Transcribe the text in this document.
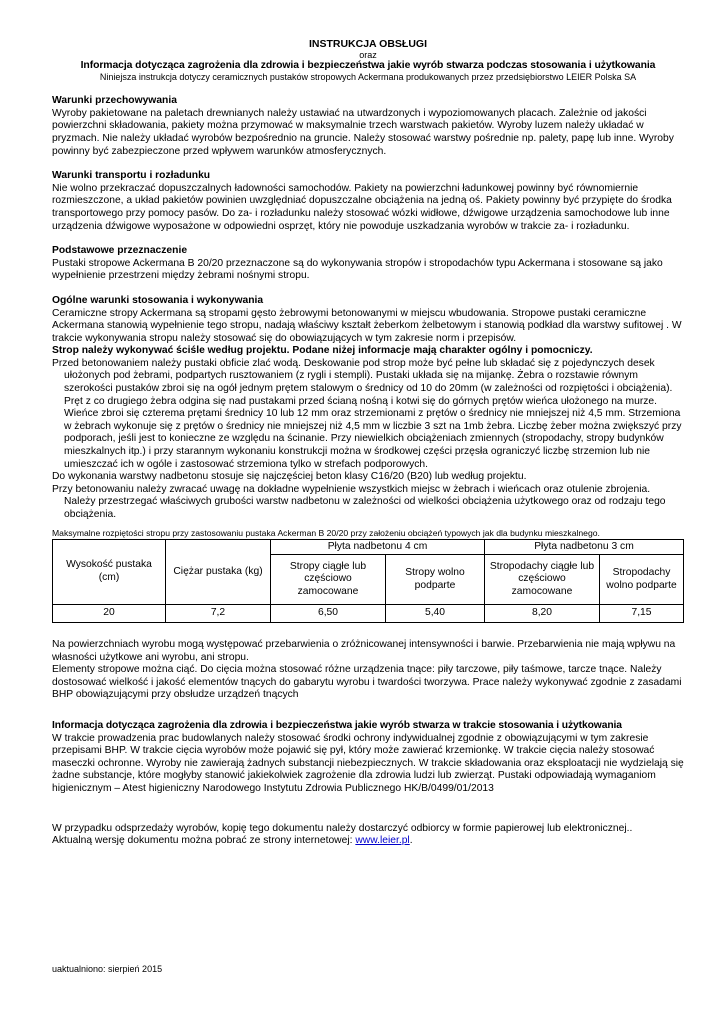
INSTRUKCJA OBSŁUGI
oraz
Informacja dotycząca zagrożenia dla zdrowia i bezpieczeństwa jakie wyrób stwarza podczas stosowania i użytkowania
Niniejsza instrukcja dotyczy ceramicznych pustaków stropowych Ackermana produkowanych przez przedsiębiorstwo LEIER Polska SA
Warunki przechowywania

Wyroby pakietowane na paletach drewnianych należy ustawiać na utwardzonych i wypoziomowanych placach. Zależnie od jakości powierzchni składowania, pakiety można przymować w maksymalnie trzech warstwach pakietów. Wyroby luzem należy układać w pryzmach. Nie należy układać wyrobów bezpośrednio na gruncie. Należy stosować warstwy pośrednie np. palety, papę lub inne. Wyroby powinny być zabezpieczone przed wpływem warunków atmosferycznych.

Warunki transportu i rozładunku

Nie wolno przekraczać dopuszczalnych ładowności samochodów. Pakiety na powierzchni ładunkowej powinny być równomiernie rozmieszczone, a układ pakietów powinien uwzględniać dopuszczalne obciążenia na jedną oś. Pakiety powinny być przypięte do środka transportowego przy pomocy pasów. Do za- i rozładunku należy stosować wózki widłowe, dźwigowe urządzenia samochodowe lub inne urządzenia dźwigowe wyposażone w odpowiedni osprzęt, który nie powoduje uszkadzania wyrobów w trakcie za- i rozładunku.

Podstawowe przeznaczenie

Pustaki stropowe Ackermana B 20/20 przeznaczone są do wykonywania stropów i stropodachów typu Ackermana i stosowane są jako wypełnienie przestrzeni między żebrami nośnymi stropu.

Ogólne warunki stosowania i wykonywania

Ceramiczne stropy Ackermana są stropami gęsto żebrowymi betonowanymi w miejscu wbudowania. Stropowe pustaki ceramiczne Ackermana stanowią wypełnienie tego stropu, nadają właściwy kształt żeberkom żelbetowym i stanowią podkład dla warstwy sufitowej . W trakcie wykonywania stropu należy stosować się do obowiązujących w tym zakresie norm i przepisów.

Strop należy wykonywać ściśle według projektu. Podane niżej informacje mają charakter ogólny i pomocniczy.

Przed betonowaniem należy pustaki obficie zlać wodą. Deskowanie pod strop może być pełne lub składać się z pojedynczych desek ułożonych pod żebrami, podpartych rusztowaniem (z rygli i stempli). Pustaki układa się na mijankę. Żebra o rozstawie równym szerokości pustaków zbroi się na ogół jednym prętem stalowym o średnicy od 10 do 20mm (w zależności od rozpiętości i obciążenia). Pręt z co drugiego żebra odgina się nad pustakami przed ścianą nośną i kotwi się do górnych prętów wieńca ułożonego na murze. Wieńce zbroi się czterema prętami średnicy 10 lub 12 mm oraz strzemionami z prętów o średnicy nie mniejszej niż 4,5 mm. Strzemiona w żebrach wykonuje się z prętów o średnicy nie mniejszej niż 4,5 mm w liczbie 3 szt na 1mb żebra. Liczbę żeber można zwiększyć przy podporach, jeśli jest to konieczne ze względu na ścinanie. Przy niewielkich obciążeniach zmiennych (stropodachy, stropy budynków mieszkalnych itp.) i przy starannym wykonaniu konstrukcji można w środkowej części przęsła ograniczyć liczbę strzemion lub nie umieszczać ich w ogóle i zastosować strzemiona tylko w strefach podporowych.

Do wykonania warstwy nadbetonu stosuje się najczęściej beton klasy C16/20 (B20) lub według projektu.

Przy betonowaniu należy zwracać uwagę na dokładne wypełnienie wszystkich miejsc w żebrach i wieńcach oraz otulenie zbrojenia. Należy przestrzegać właściwych grubości warstw nadbetonu w zależności od wielkości obciążenia użytkowego oraz od rodzaju tego obciążenia.

Maksymalne rozpiętości stropu przy zastosowaniu pustaka Ackerman B 20/20 przy założeniu obciążeń typowych jak dla budynku mieszkalnego.
Wysokość pustaka (cm)	Ciężar pustaka (kg)	Płyta nadbetonu 4 cm		Płyta nadbetonu 3 cm	
		Stropy ciągłe lub częściowo zamocowane	Stropy wolno podparte	Stropodachy ciągłe lub częściowo zamocowane	Stropodachy wolno podparte
20	7,2	6,50	5,40	8,20	7,15

Na powierzchniach wyrobu mogą występować przebarwienia o zróżnicowanej intensywności i barwie. Przebarwienia nie mają wpływu na własności użytkowe ani wyrobu, ani stropu.

Elementy stropowe można ciąć. Do cięcia można stosować różne urządzenia tnące: piły tarczowe, piły taśmowe, tarcze tnące. Należy dostosować wielkość i jakość elementów tnących do gabarytu wyrobu i twardości tworzywa. Prace należy wykonywać zgodnie z zasadami BHP obowiązującymi przy obsłudze urządzeń tnących

Informacja dotycząca zagrożenia dla zdrowia i bezpieczeństwa jakie wyrób stwarza w trakcie stosowania i użytkowania

W trakcie prowadzenia prac budowlanych należy stosować środki ochrony indywidualnej zgodnie z obowiązującymi w tym zakresie przepisami BHP. W trakcie cięcia wyrobów może pojawić się pył, który może zawierać krzemionkę. W trakcie cięcia należy stosować maseczki ochronne. Wyroby nie zawierają żadnych substancji niebezpiecznych. W trakcie składowania oraz eksploatacji nie wydzielają się żadne substancje, które mogłyby stanowić jakiekolwiek zagrożenie dla zdrowia ludzi lub zwierząt. Pustaki odpowiadają wymaganiom higienicznym – Atest higieniczny Narodowego Instytutu Zdrowia Publicznego HK/B/0499/01/2013

W przypadku odsprzedaży wyrobów, kopię tego dokumentu należy dostarczyć odbiorcy w formie papierowej lub elektronicznej..

Aktualną wersję dokumentu można pobrać ze strony internetowej: www.leier.pl.

uaktualniono: sierpień 2015
